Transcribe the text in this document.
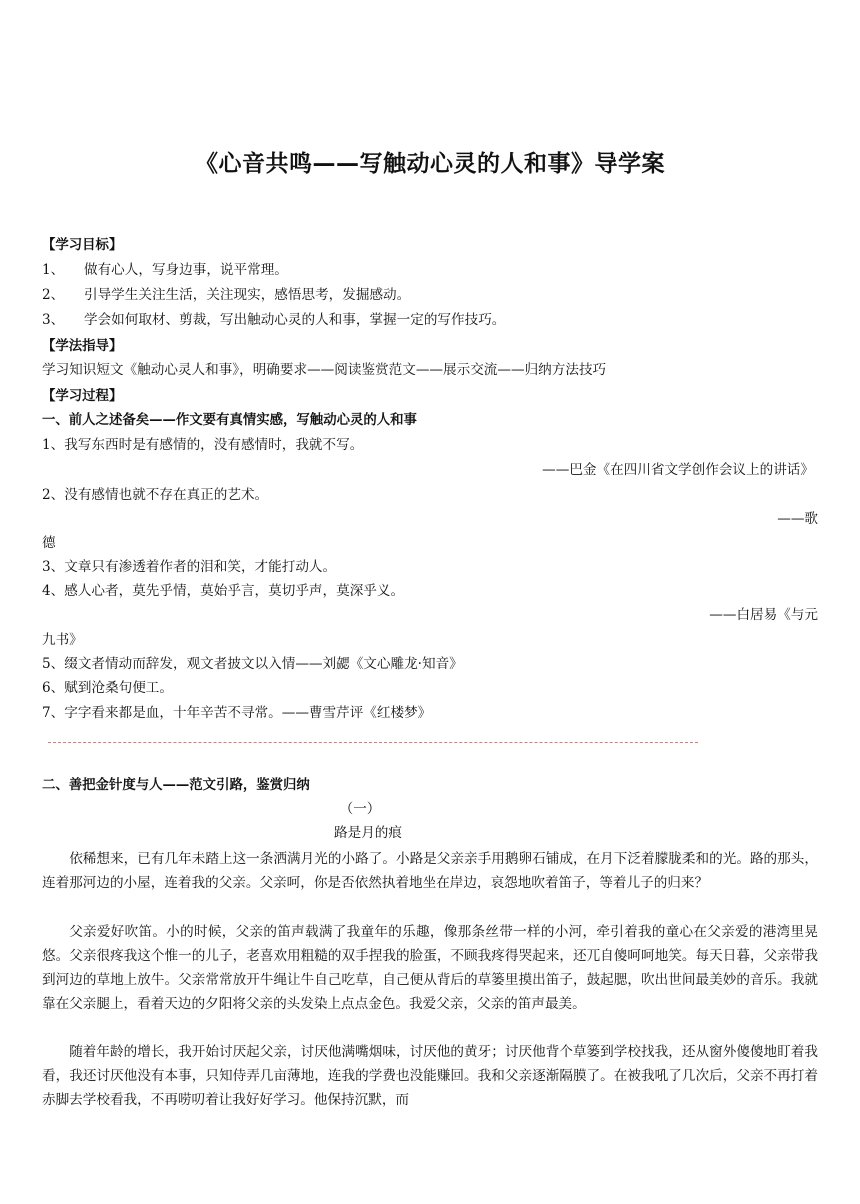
《心音共鸣——写触动心灵的人和事》导学案
【学习目标】
1、 做有心人，写身边事，说平常理。
2、 引导学生关注生活，关注现实，感悟思考，发掘感动。
3、 学会如何取材、剪裁，写出触动心灵的人和事，掌握一定的写作技巧。
【学法指导】
学习知识短文《触动心灵人和事》，明确要求——阅读鉴赏范文——展示交流——归纳方法技巧
【学习过程】
一、前人之述备矣——作文要有真情实感，写触动心灵的人和事
1、我写东西时是有感情的，没有感情时，我就不写。
——巴金《在四川省文学创作会议上的讲话》
2、没有感情也就不存在真正的艺术。
——歌
德
3、文章只有渗透着作者的泪和笑，才能打动人。
4、感人心者，莫先乎情，莫始乎言，莫切乎声，莫深乎义。
——白居易《与元
九书》
5、缀文者情动而辞发，观文者披文以入情——刘勰《文心雕龙·知音》
6、赋到沧桑句便工。
7、字字看来都是血，十年辛苦不寻常。——曹雪芹评《红楼梦》
二、善把金针度与人——范文引路，鉴赏归纳
（一）
路是月的痕
依稀想来，已有几年未踏上这一条洒满月光的小路了。小路是父亲亲手用鹅卵石铺成，在月下泛着朦胧柔和的光。路的那头，连着那河边的小屋，连着我的父亲。父亲呵，你是否依然执着地坐在岸边，哀怨地吹着笛子，等着儿子的归来？
父亲爱好吹笛。小的时候，父亲的笛声载满了我童年的乐趣，像那条丝带一样的小河，牵引着我的童心在父亲爱的港湾里晃悠。父亲很疼我这个惟一的儿子，老喜欢用粗糙的双手捏我的脸蛋，不顾我疼得哭起来，还兀自傻呵呵地笑。每天日暮，父亲带我到河边的草地上放牛。父亲常常放开牛绳让牛自己吃草，自己便从背后的草篓里摸出笛子，鼓起腮，吹出世间最美妙的音乐。我就靠在父亲腿上，看着天边的夕阳将父亲的头发染上点点金色。我爱父亲，父亲的笛声最美。
随着年龄的增长，我开始讨厌起父亲，讨厌他满嘴烟味，讨厌他的黄牙；讨厌他背个草篓到学校找我，还从窗外傻傻地盯着我看，我还讨厌他没有本事，只知侍弄几亩薄地，连我的学费也没能赚回。我和父亲逐渐隔膜了。在被我吼了几次后，父亲不再打着赤脚去学校看我，不再唠叨着让我好好学习。他保持沉默，而
